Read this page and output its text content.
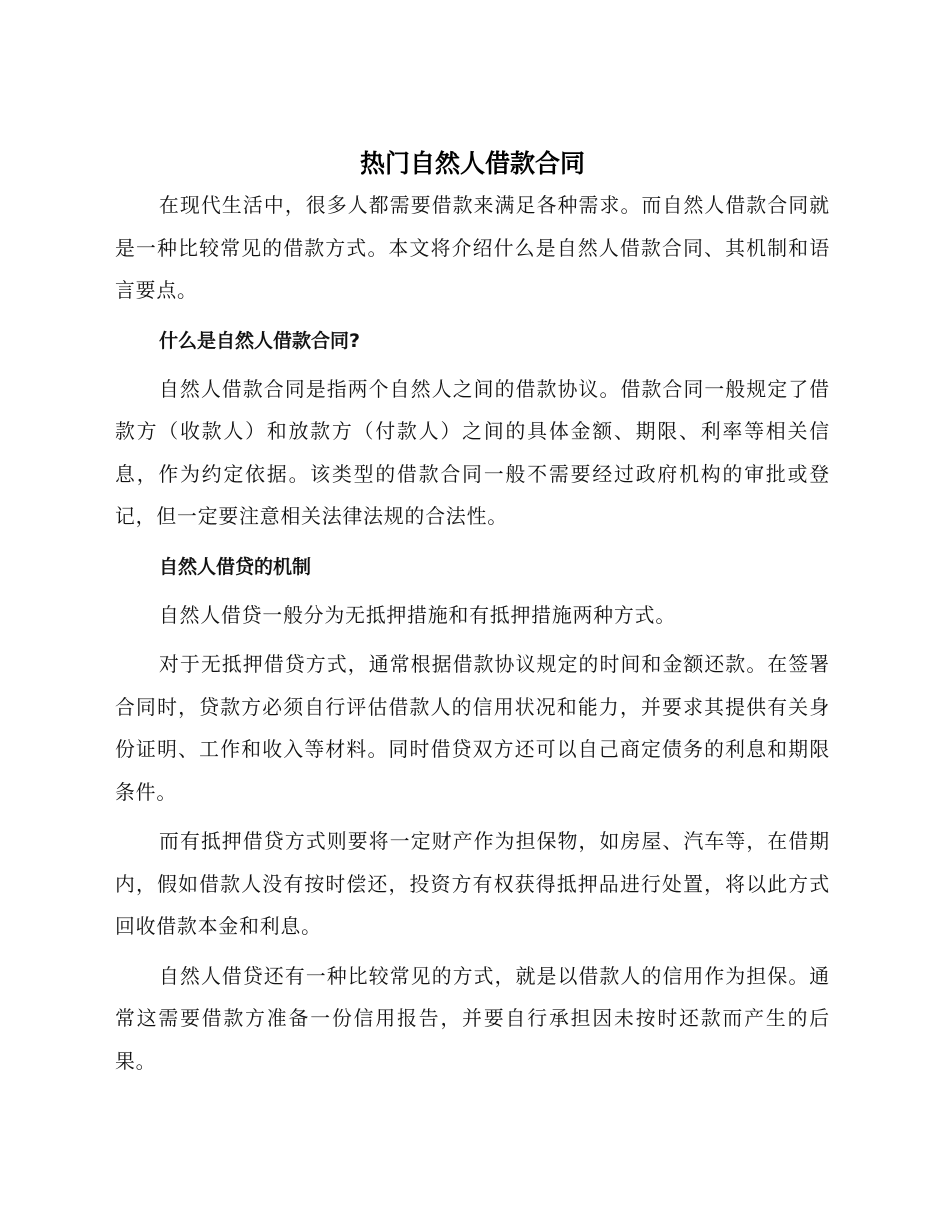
热门自然人借款合同

在现代生活中，很多人都需要借款来满足各种需求。而自然人借款合同就是一种比较常见的借款方式。本文将介绍什么是自然人借款合同、其机制和语言要点。

什么是自然人借款合同?

自然人借款合同是指两个自然人之间的借款协议。借款合同一般规定了借款方（收款人）和放款方（付款人）之间的具体金额、期限、利率等相关信息，作为约定依据。该类型的借款合同一般不需要经过政府机构的审批或登记，但一定要注意相关法律法规的合法性。

自然人借贷的机制

自然人借贷一般分为无抵押措施和有抵押措施两种方式。

对于无抵押借贷方式，通常根据借款协议规定的时间和金额还款。在签署合同时，贷款方必须自行评估借款人的信用状况和能力，并要求其提供有关身份证明、工作和收入等材料。同时借贷双方还可以自己商定债务的利息和期限条件。

而有抵押借贷方式则要将一定财产作为担保物，如房屋、汽车等，在借期内，假如借款人没有按时偿还，投资方有权获得抵押品进行处置，将以此方式回收借款本金和利息。

自然人借贷还有一种比较常见的方式，就是以借款人的信用作为担保。通常这需要借款方准备一份信用报告，并要自行承担因未按时还款而产生的后果。
